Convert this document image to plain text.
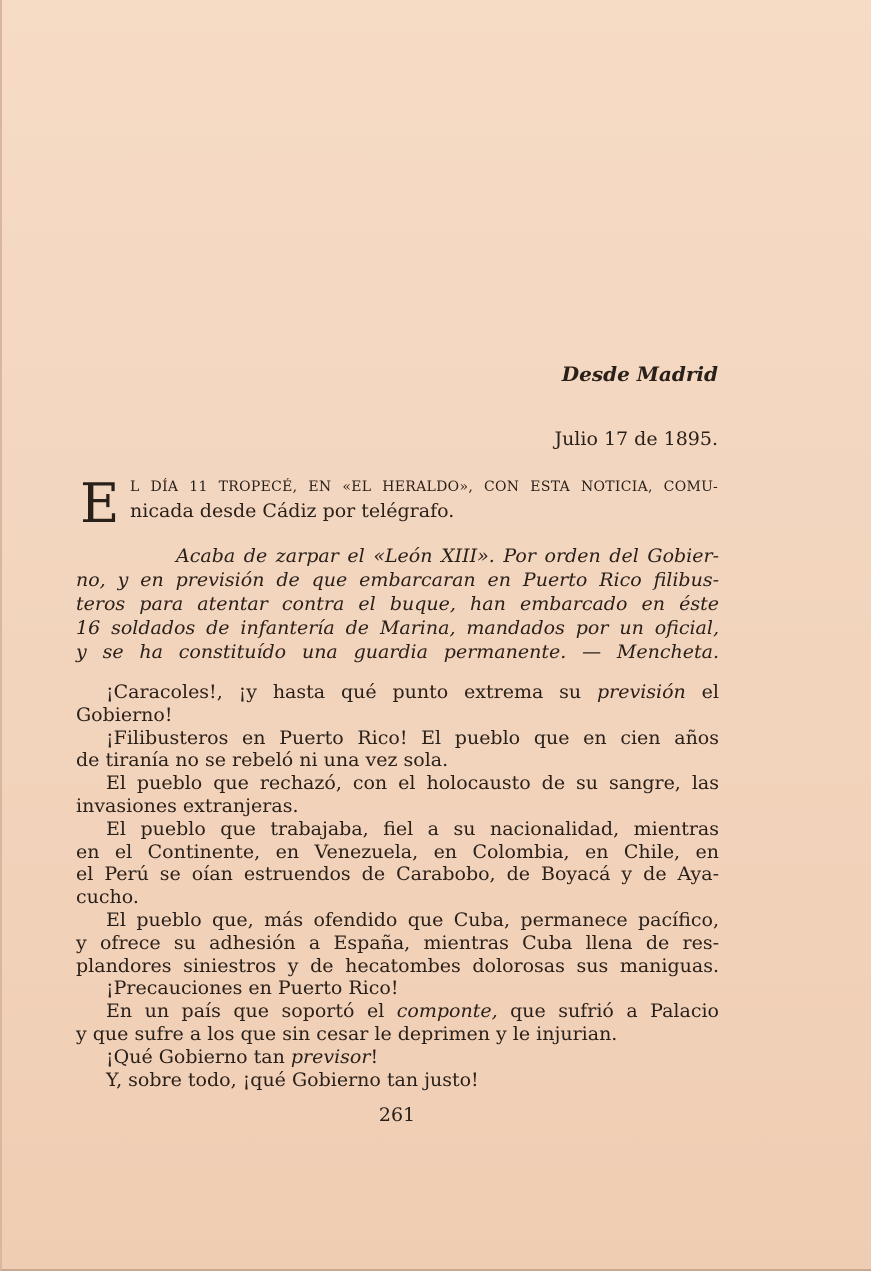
Desde Madrid
Julio 17 de 1895.
E L DÍA 11 TROPECÉ, EN «EL HERALDO», CON ESTA NOTICIA, COMU-
nicada desde Cádiz por telégrafo.
Acaba de zarpar el «León XIII». Por orden del Gobier-
no, y en previsión de que embarcaran en Puerto Rico filibus-
teros para atentar contra el buque, han embarcado en éste
16 soldados de infantería de Marina, mandados por un oficial,
y se ha constituído una guardia permanente. — Mencheta.
¡Caracoles!, ¡y hasta qué punto extrema su previsión el
Gobierno!
¡Filibusteros en Puerto Rico! El pueblo que en cien años
de tiranía no se rebeló ni una vez sola.
El pueblo que rechazó, con el holocausto de su sangre, las
invasiones extranjeras.
El pueblo que trabajaba, fiel a su nacionalidad, mientras
en el Continente, en Venezuela, en Colombia, en Chile, en
el Perú se oían estruendos de Carabobo, de Boyacá y de Aya-
cucho.
El pueblo que, más ofendido que Cuba, permanece pacífico,
y ofrece su adhesión a España, mientras Cuba llena de res-
plandores siniestros y de hecatombes dolorosas sus maniguas.
¡Precauciones en Puerto Rico!
En un país que soportó el componte, que sufrió a Palacio
y que sufre a los que sin cesar le deprimen y le injurian.
¡Qué Gobierno tan previsor!
Y, sobre todo, ¡qué Gobierno tan justo!
261
